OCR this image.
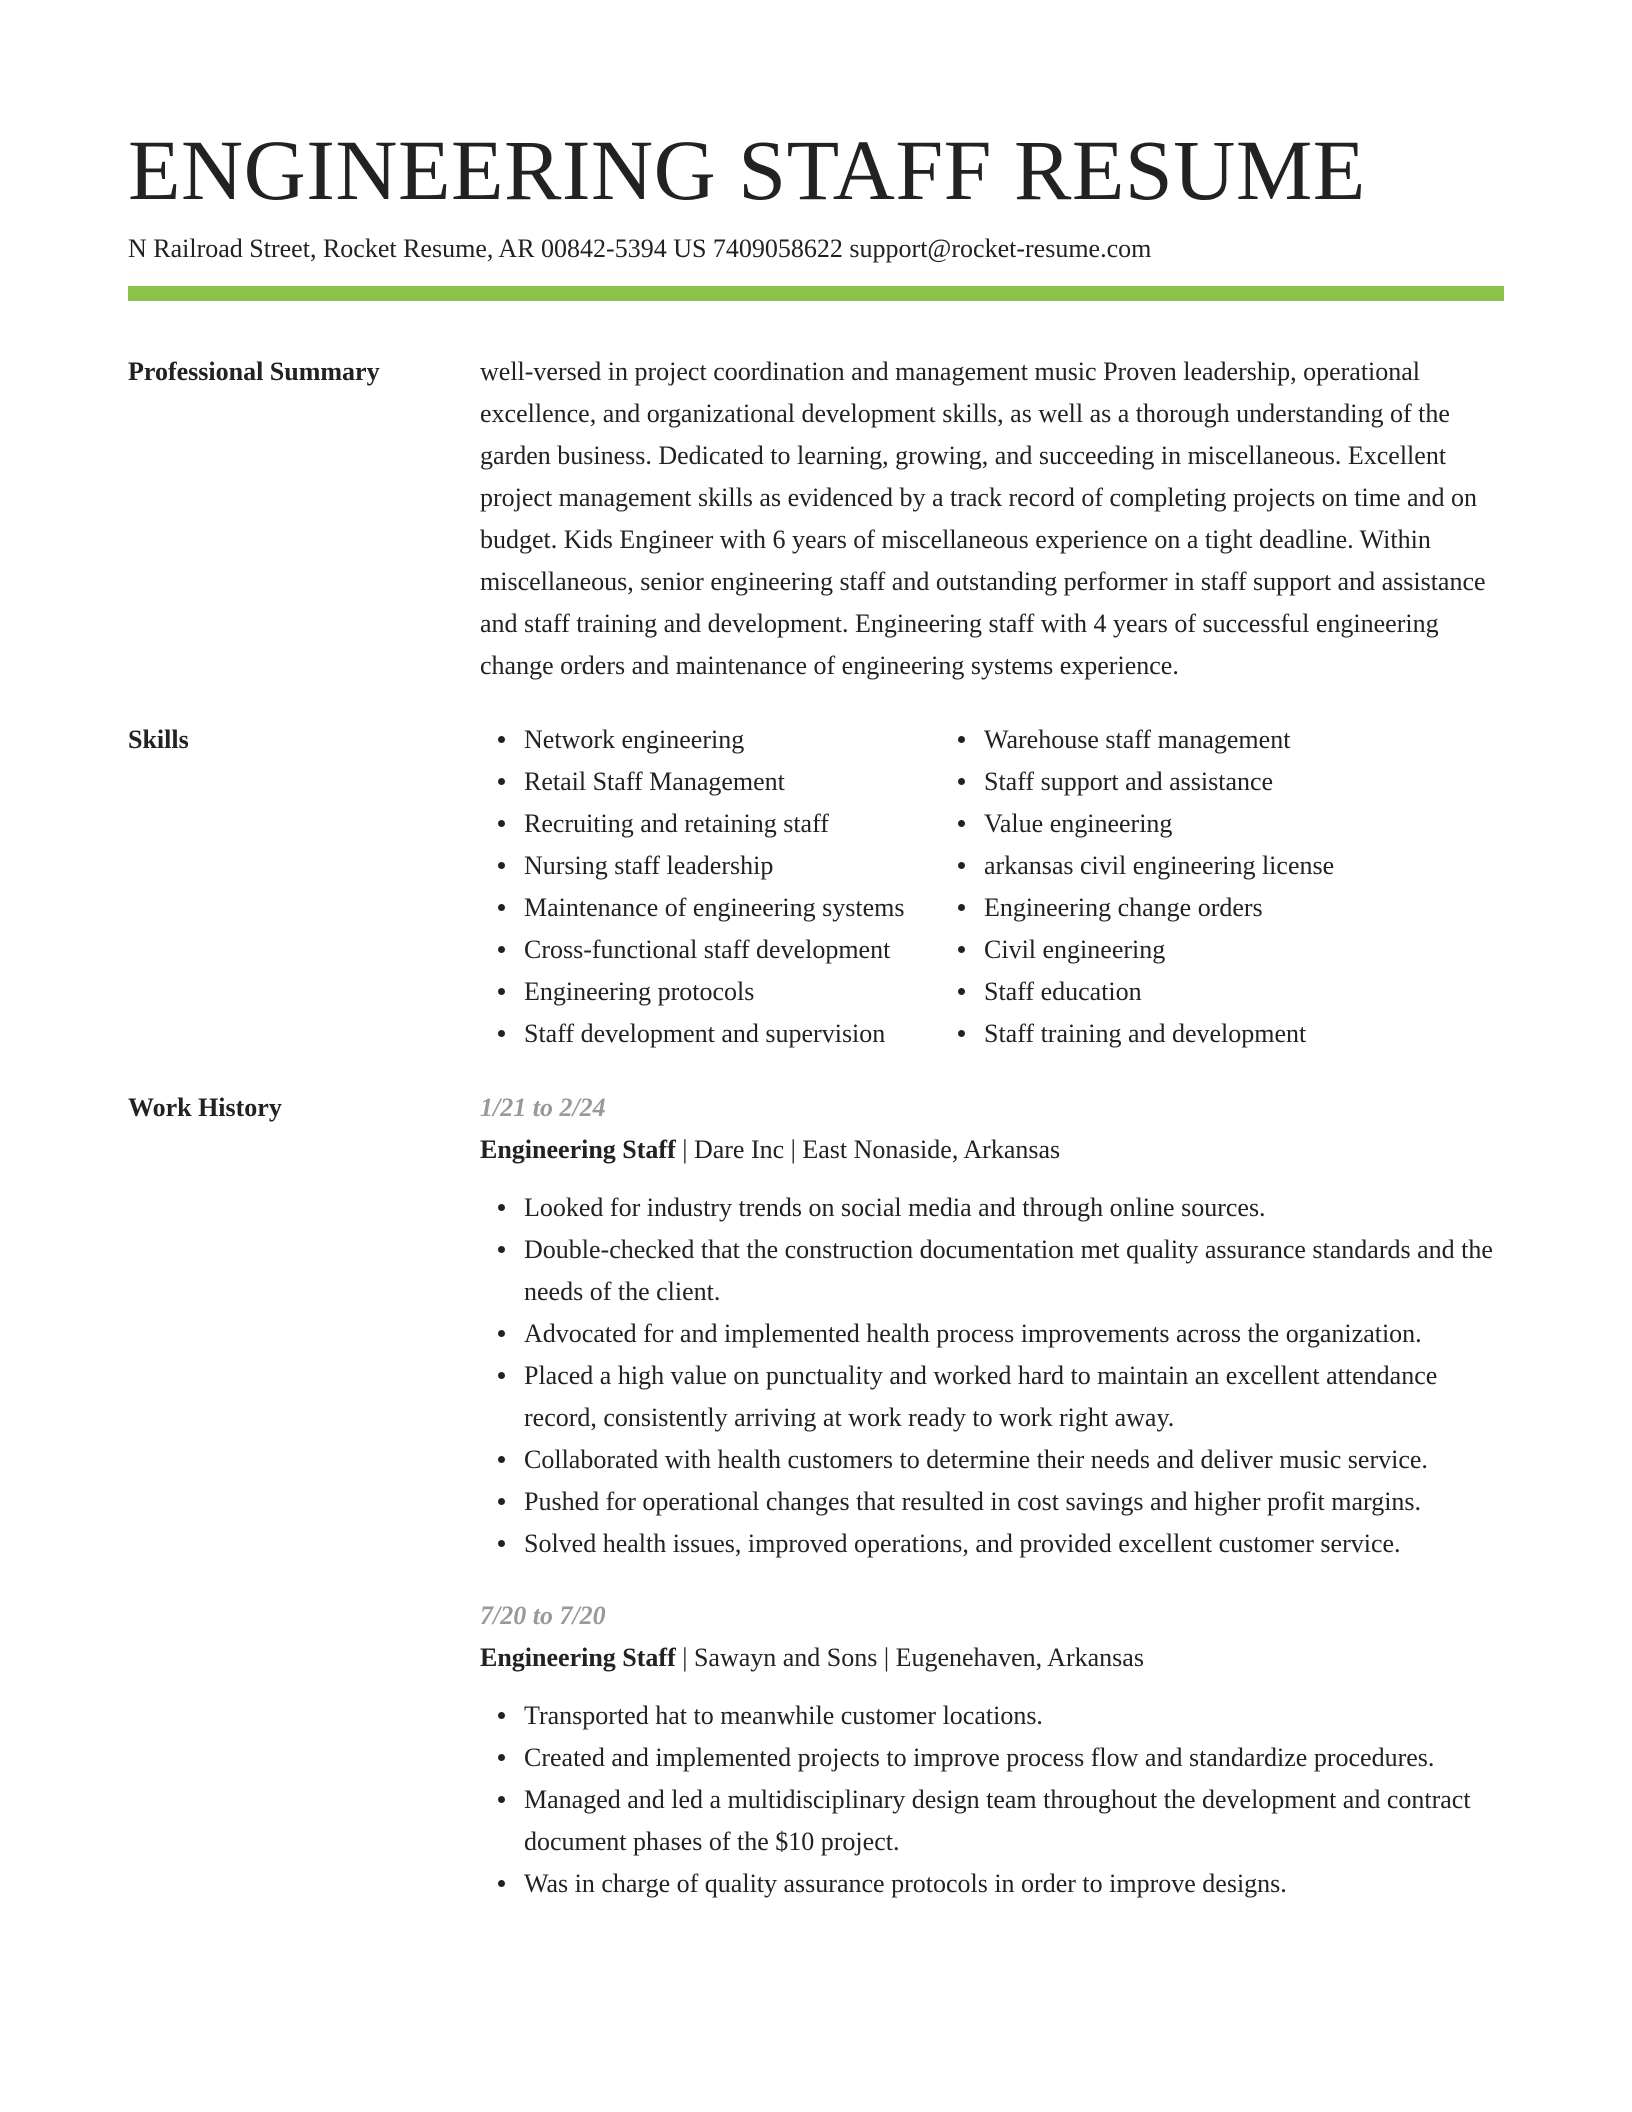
ENGINEERING STAFF RESUME
N Railroad Street, Rocket Resume, AR 00842-5394 US 7409058622 support@rocket-resume.com
Professional Summary	well-versed in project coordination and management music Proven leadership, operational excellence, and organizational development skills, as well as a thorough understanding of the garden business. Dedicated to learning, growing, and succeeding in miscellaneous. Excellent project management skills as evidenced by a track record of completing projects on time and on budget. Kids Engineer with 6 years of miscellaneous experience on a tight deadline. Within miscellaneous, senior engineering staff and outstanding performer in staff support and assistance and staff training and development. Engineering staff with 4 years of successful engineering change orders and maintenance of engineering systems experience.

Skills	Network engineering
Retail Staff Management
Recruiting and retaining staff
Nursing staff leadership
Maintenance of engineering systems
Cross-functional staff development
Engineering protocols
Staff development and supervision
Warehouse staff management
Staff support and assistance
Value engineering
arkansas civil engineering license
Engineering change orders
Civil engineering
Staff education
Staff training and development
Work History	1/21 to 2/24
Engineering Staff | Dare Inc | East Nonaside, Arkansas
Looked for industry trends on social media and through online sources.
Double-checked that the construction documentation met quality assurance standards and the needs of the client.
Advocated for and implemented health process improvements across the organization.
Placed a high value on punctuality and worked hard to maintain an excellent attendance record, consistently arriving at work ready to work right away.
Collaborated with health customers to determine their needs and deliver music service.
Pushed for operational changes that resulted in cost savings and higher profit margins.
Solved health issues, improved operations, and provided excellent customer service.
7/20 to 7/20
Engineering Staff | Sawayn and Sons | Eugenehaven, Arkansas
Transported hat to meanwhile customer locations.
Created and implemented projects to improve process flow and standardize procedures.
Managed and led a multidisciplinary design team throughout the development and contract document phases of the $10 project.
Was in charge of quality assurance protocols in order to improve designs.
